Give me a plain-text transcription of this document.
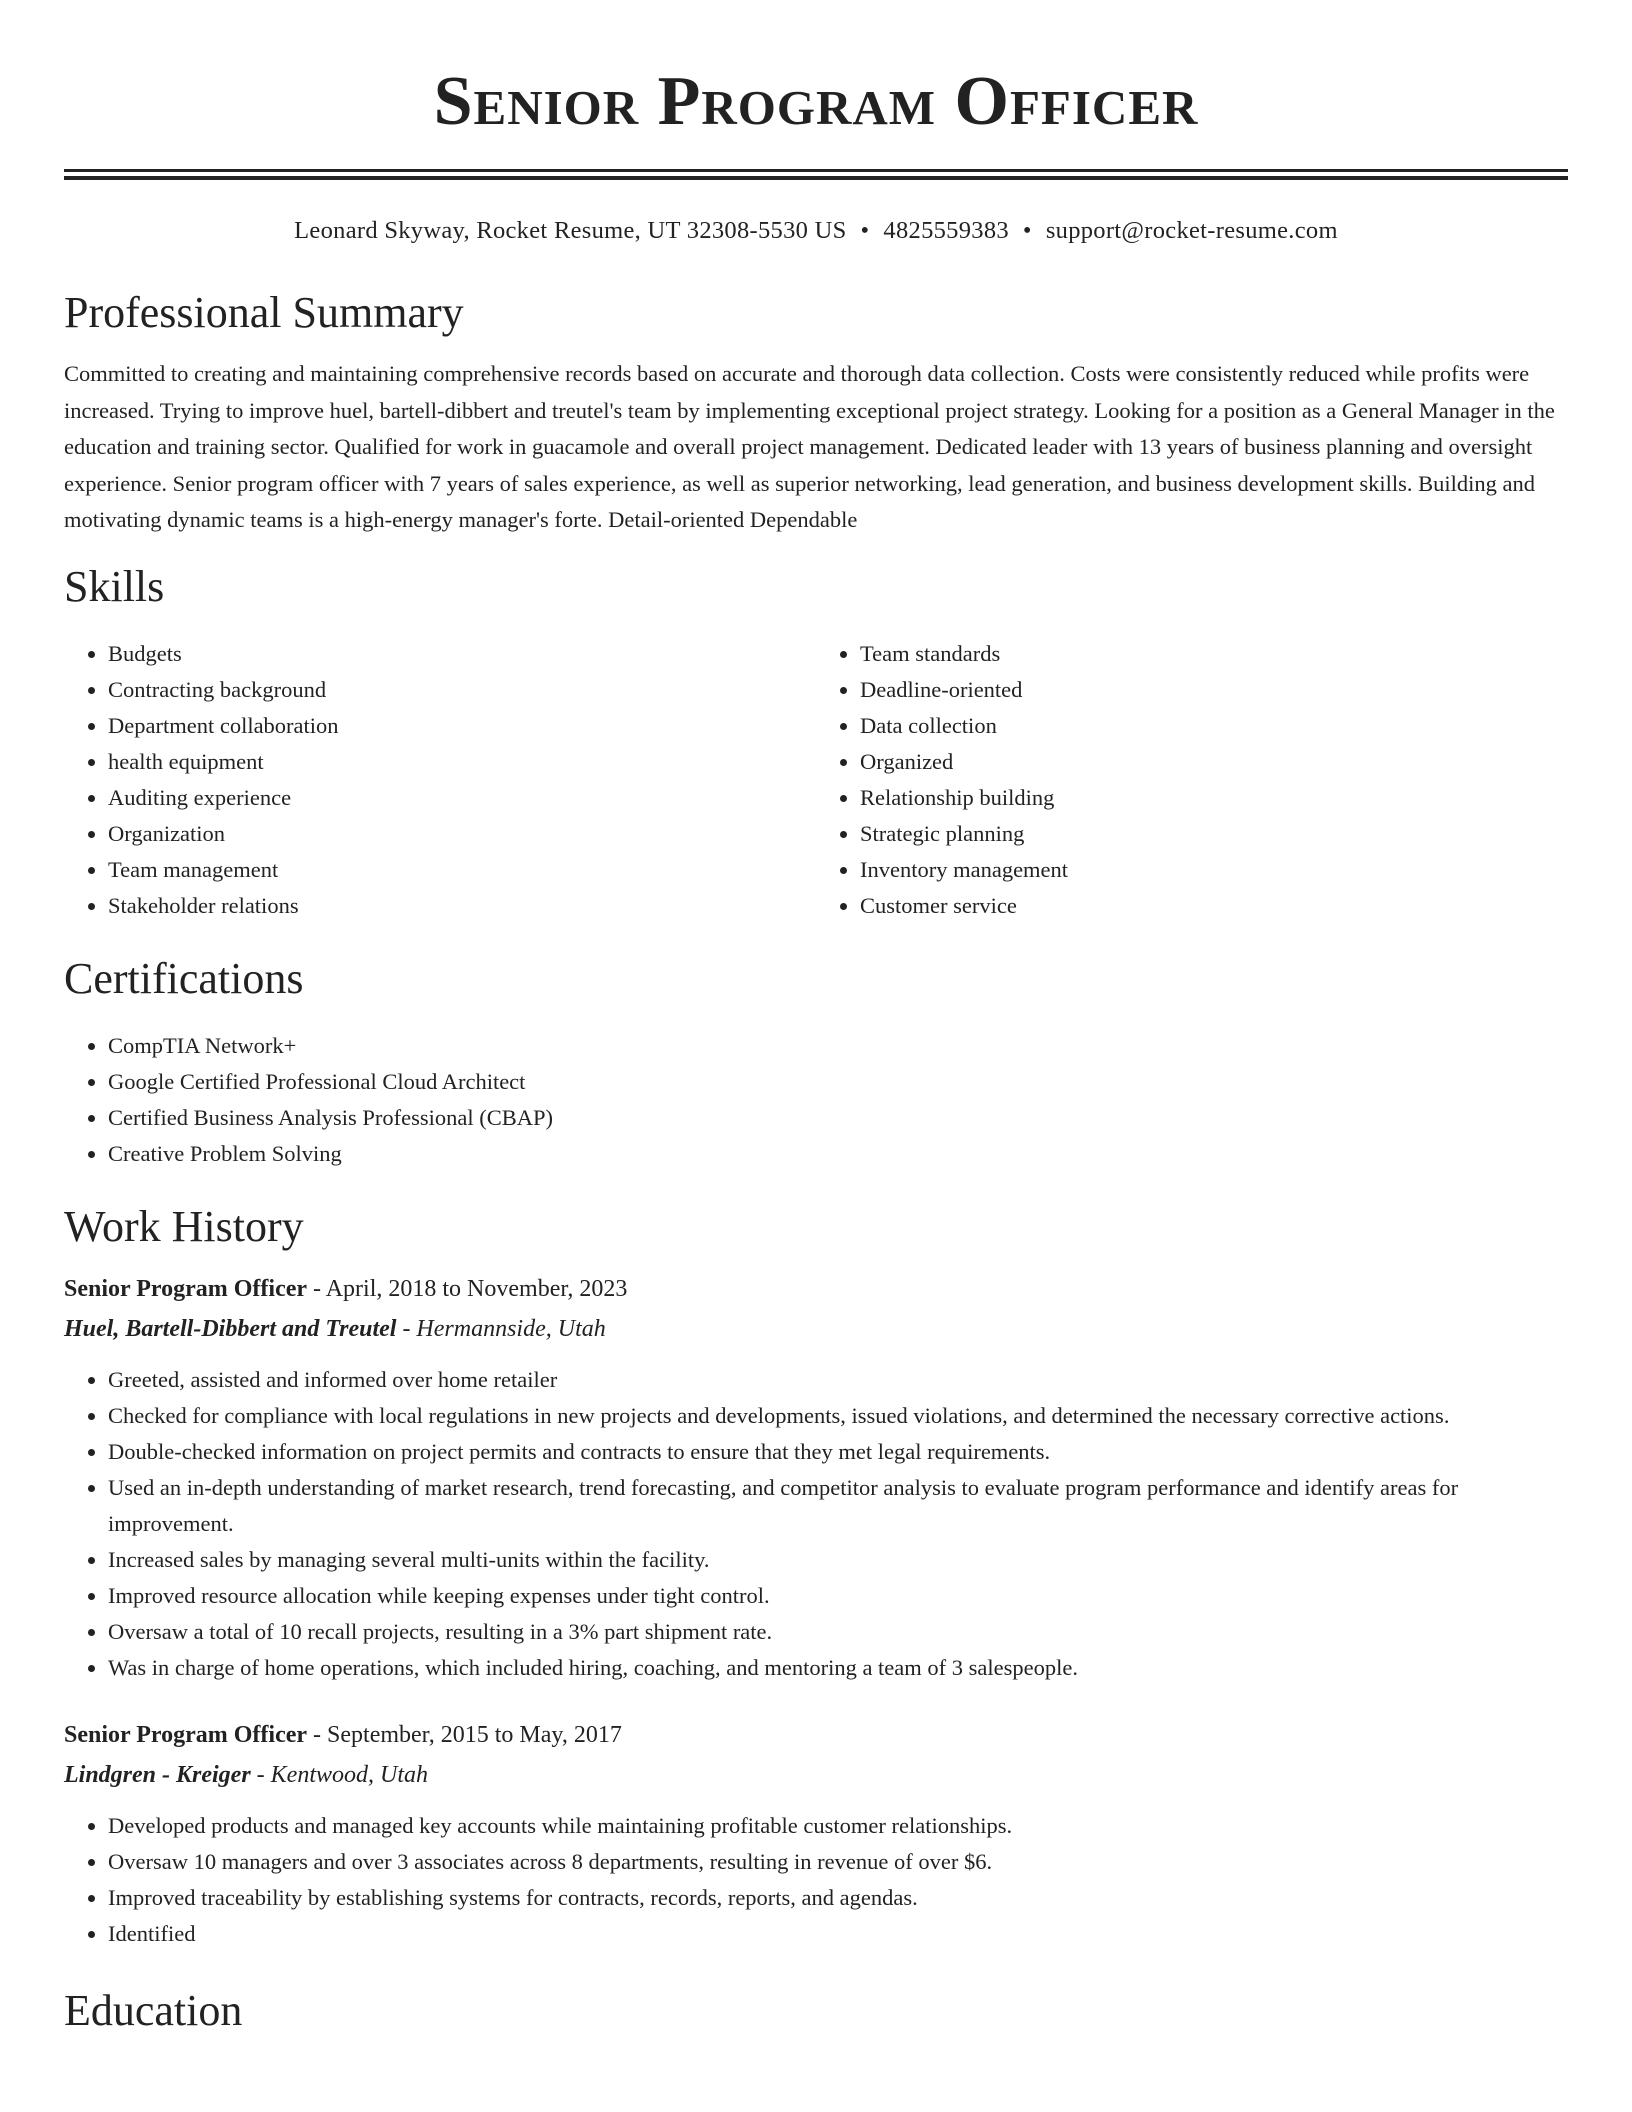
Senior Program Officer
Leonard Skyway, Rocket Resume, UT 32308-5530 US • 4825559383 • support@rocket-resume.com
Professional Summary
Committed to creating and maintaining comprehensive records based on accurate and thorough data collection. Costs were consistently reduced while profits were increased. Trying to improve huel, bartell-dibbert and treutel's team by implementing exceptional project strategy. Looking for a position as a General Manager in the education and training sector. Qualified for work in guacamole and overall project management. Dedicated leader with 13 years of business planning and oversight experience. Senior program officer with 7 years of sales experience, as well as superior networking, lead generation, and business development skills. Building and motivating dynamic teams is a high-energy manager's forte. Detail-oriented Dependable
Skills
• Budgets
• Contracting background
• Department collaboration
• health equipment
• Auditing experience
• Organization
• Team management
• Stakeholder relations
• Team standards
• Deadline-oriented
• Data collection
• Organized
• Relationship building
• Strategic planning
• Inventory management
• Customer service
Certifications
• CompTIA Network+
• Google Certified Professional Cloud Architect
• Certified Business Analysis Professional (CBAP)
• Creative Problem Solving
Work History
Senior Program Officer - April, 2018 to November, 2023
Huel, Bartell-Dibbert and Treutel - Hermannside, Utah
• Greeted, assisted and informed over home retailer
• Checked for compliance with local regulations in new projects and developments, issued violations, and determined the necessary corrective actions.
• Double-checked information on project permits and contracts to ensure that they met legal requirements.
• Used an in-depth understanding of market research, trend forecasting, and competitor analysis to evaluate program performance and identify areas for improvement.
• Increased sales by managing several multi-units within the facility.
• Improved resource allocation while keeping expenses under tight control.
• Oversaw a total of 10 recall projects, resulting in a 3% part shipment rate.
• Was in charge of home operations, which included hiring, coaching, and mentoring a team of 3 salespeople.
Senior Program Officer - September, 2015 to May, 2017
Lindgren - Kreiger - Kentwood, Utah
• Developed products and managed key accounts while maintaining profitable customer relationships.
• Oversaw 10 managers and over 3 associates across 8 departments, resulting in revenue of over $6.
• Improved traceability by establishing systems for contracts, records, reports, and agendas.
• Identified
Education
